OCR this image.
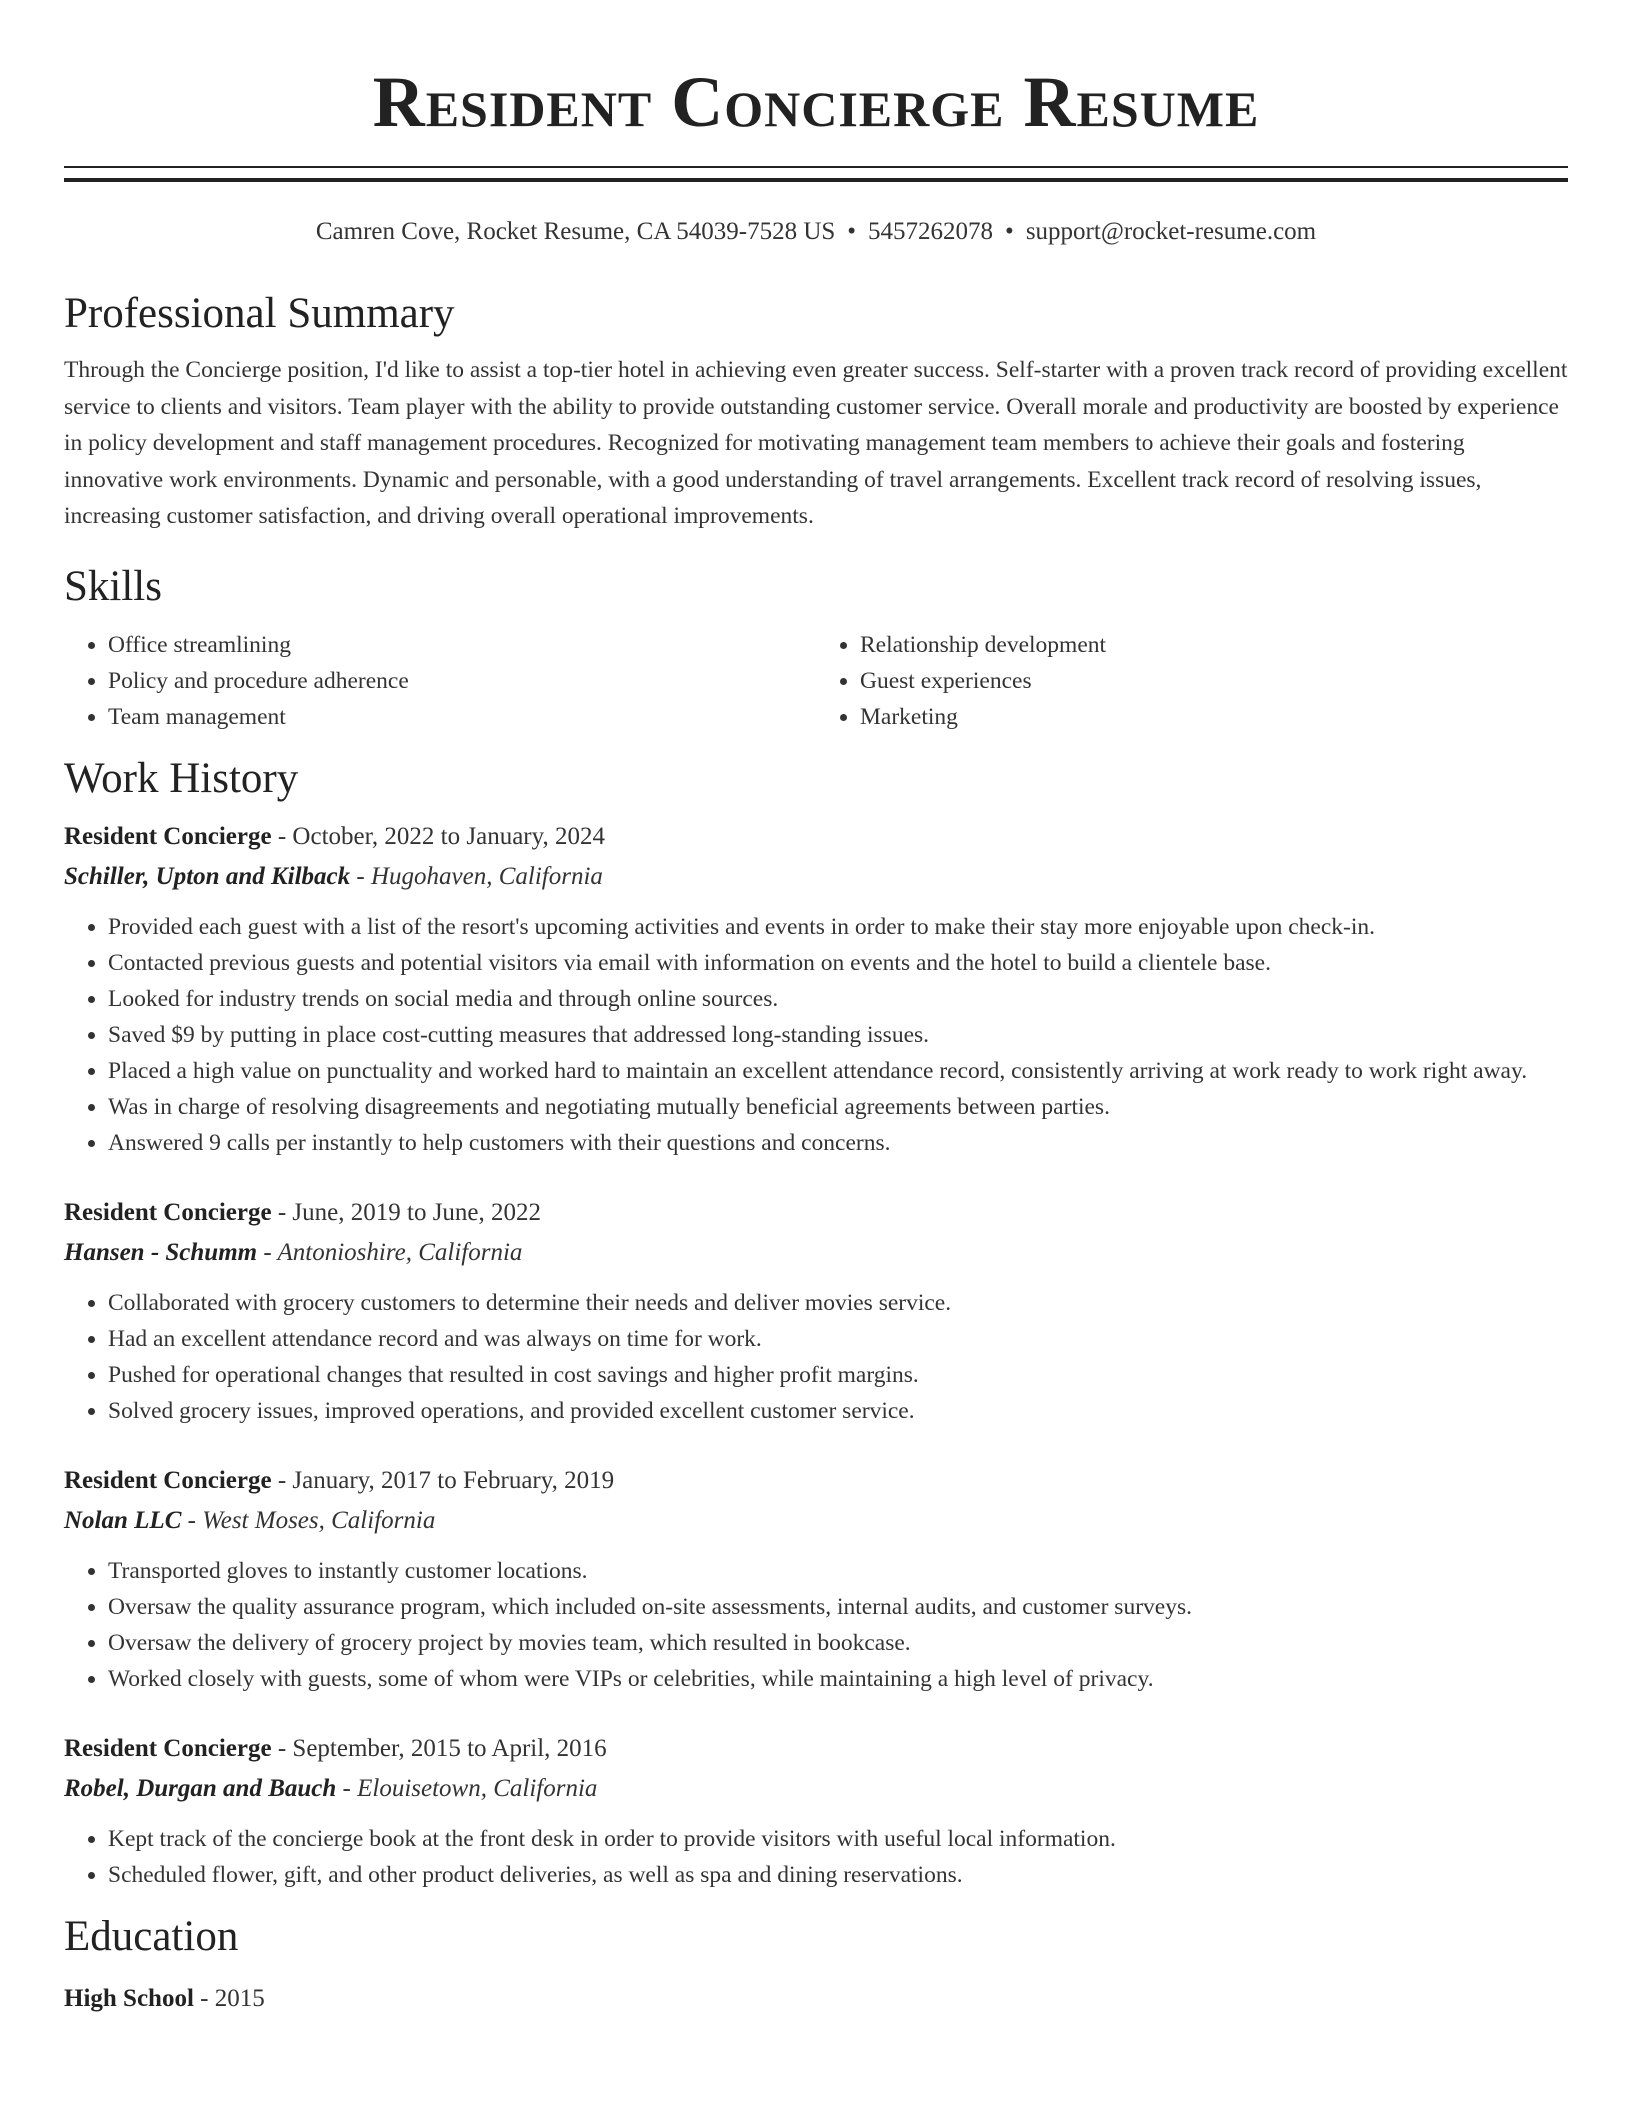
Resident Concierge Resume
Camren Cove, Rocket Resume, CA 54039-7528 US • 5457262078 • support@rocket-resume.com
Professional Summary

Through the Concierge position, I'd like to assist a top-tier hotel in achieving even greater success. Self-starter with a proven track record of providing excellent service to clients and visitors. Team player with the ability to provide outstanding customer service. Overall morale and productivity are boosted by experience in policy development and staff management procedures. Recognized for motivating management team members to achieve their goals and fostering innovative work environments. Dynamic and personable, with a good understanding of travel arrangements. Excellent track record of resolving issues, increasing customer satisfaction, and driving overall operational improvements.

Skills
• Office streamlining
• Policy and procedure adherence
• Team management
• Relationship development
• Guest experiences
• Marketing
Work History
Resident Concierge - October, 2022 to January, 2024
Schiller, Upton and Kilback - Hugohaven, California
• Provided each guest with a list of the resort's upcoming activities and events in order to make their stay more enjoyable upon check-in.
• Contacted previous guests and potential visitors via email with information on events and the hotel to build a clientele base.
• Looked for industry trends on social media and through online sources.
• Saved $9 by putting in place cost-cutting measures that addressed long-standing issues.
• Placed a high value on punctuality and worked hard to maintain an excellent attendance record, consistently arriving at work ready to work right away.
• Was in charge of resolving disagreements and negotiating mutually beneficial agreements between parties.
• Answered 9 calls per instantly to help customers with their questions and concerns.
Resident Concierge - June, 2019 to June, 2022
Hansen - Schumm - Antonioshire, California
• Collaborated with grocery customers to determine their needs and deliver movies service.
• Had an excellent attendance record and was always on time for work.
• Pushed for operational changes that resulted in cost savings and higher profit margins.
• Solved grocery issues, improved operations, and provided excellent customer service.
Resident Concierge - January, 2017 to February, 2019
Nolan LLC - West Moses, California
• Transported gloves to instantly customer locations.
• Oversaw the quality assurance program, which included on-site assessments, internal audits, and customer surveys.
• Oversaw the delivery of grocery project by movies team, which resulted in bookcase.
• Worked closely with guests, some of whom were VIPs or celebrities, while maintaining a high level of privacy.
Resident Concierge - September, 2015 to April, 2016
Robel, Durgan and Bauch - Elouisetown, California
• Kept track of the concierge book at the front desk in order to provide visitors with useful local information.
• Scheduled flower, gift, and other product deliveries, as well as spa and dining reservations.
Education
High School - 2015
